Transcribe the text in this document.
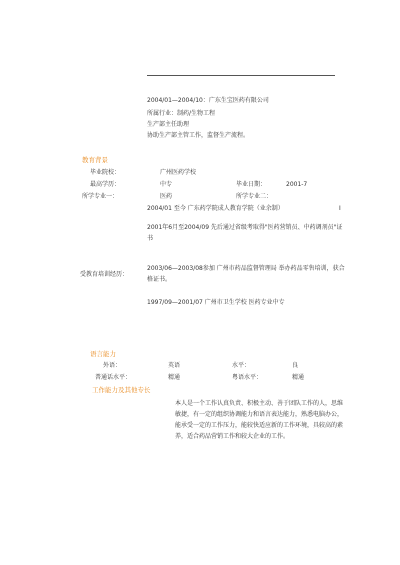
2004/01—2004/10：广东生宝医药有限公司
所属行业：制药/生物工程
生产部主任助理
协助生产部主管工作，监督生产流程。
教育背景
毕业院校：	广州医药学校
最高学历：	中专	毕业日期：	2001-7
所学专业一：	医药	所学专业二：
2004/01 至今 广东药学院成人教育学院（业余制）	I
2001年6月至2004/09 先后通过省级考取得"医药营销员、中药调剂员"证书
受教育培训经历：
2003/06—2003/08参加 广州市药品监督管理局 举办药品零售培训，获合格证书。
1997/09—2001/07 广州市卫生学校 医药专业中专
语言能力
外语：	英语	水平：	良
普通话水平：	精通	粤语水平：	精通
工作能力及其他专长
本人是一个工作认真负责、积极主动、善于团队工作的人，思维敏捷，有一定的组织协调能力和语言表达能力，熟悉电脑办公，能承受一定的工作压力，能较快适应新的工作环境，具较高的素养，适合药品营销工作和较大企业的工作。
